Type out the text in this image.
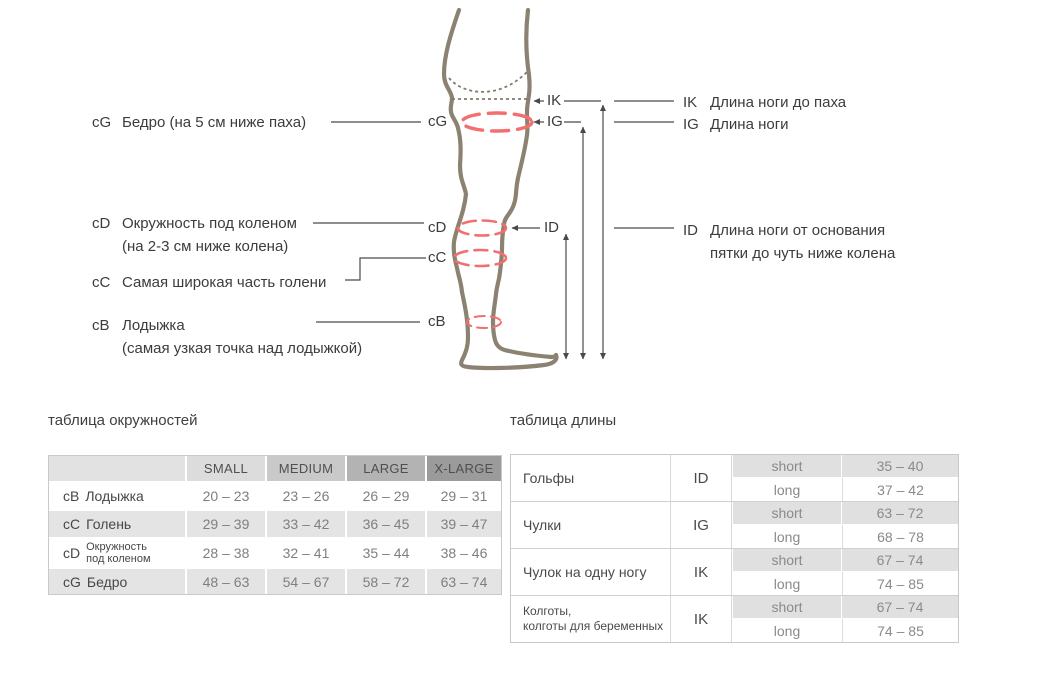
cG
cD
cC
cB
IK
IG
ID
cG Бедро (на 5 см ниже паха)
cD Окружность под коленом
(на 2-3 см ниже колена)
cC Самая широкая часть голени
cB Лодыжка
(самая узкая точка над лодыжкой)
IK Длина ноги до паха
IG Длина ноги
ID Длина ноги от основания
пятки до чуть ниже колена
таблица окружностей
SMALL	MEDIUM	LARGE	X-LARGE
cB Лодыжка	20 – 23	23 – 26	26 – 29	29 – 31
cC Голень	29 – 39	33 – 42	36 – 45	39 – 47
cD Окружность
под коленом	28 – 38	32 – 41	35 – 44	38 – 46
cG Бедро	48 – 63	54 – 67	58 – 72	63 – 74
таблица длины
Гольфы	ID
short	35 – 40
long	37 – 42
Чулки	IG
short	63 – 72
long	68 – 78
Чулок на одну ногу	IK
short	67 – 74
long	74 – 85
Колготы,
колготы для беременных	IK
short	67 – 74
long	74 – 85
